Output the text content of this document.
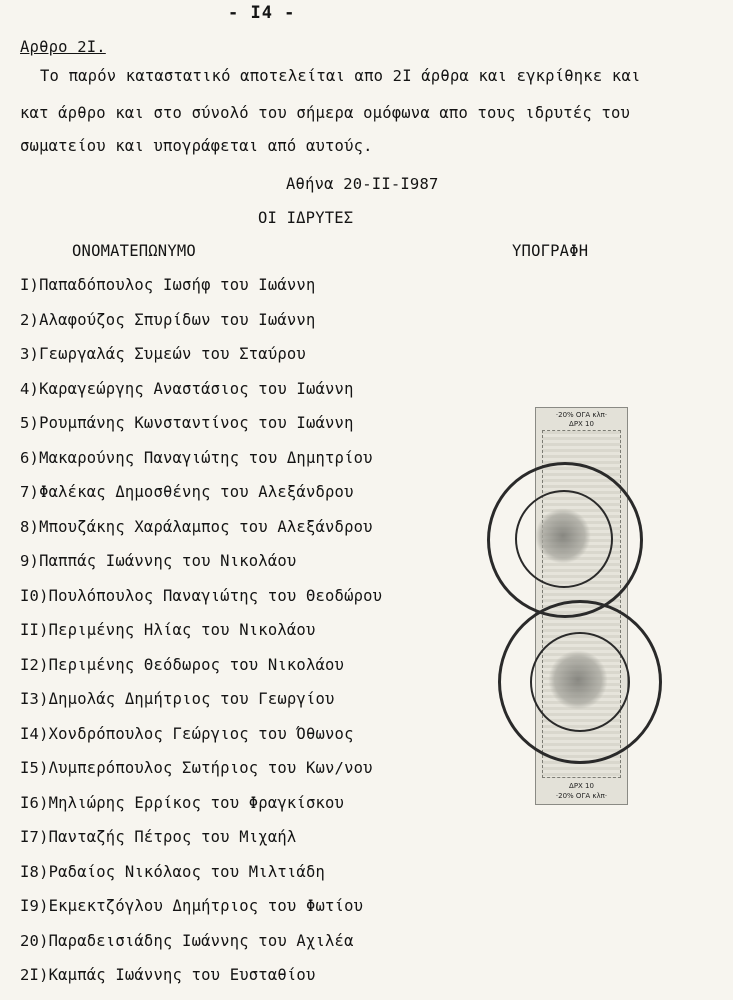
- I4 -
Αρθρο 2Ι.
Το παρόν καταστατικό αποτελείται απο 2Ι άρθρα και εγκρίθηκε και
κατ άρθρο και στο σύνολό του σήμερα ομόφωνα απο τους ιδρυτές του
σωματείου και υπογράφεται από αυτούς.
Αθήνα 20-ΙΙ-Ι987
ΟΙ ΙΔΡΥΤΕΣ
ΟΝΟΜΑΤΕΠΩΝΥΜΟ	ΥΠΟΓΡΑΦΗ
Ι)Παπαδόπουλος Ιωσήφ του Ιωάννη
2)Αλαφούζος Σπυρίδων του Ιωάννη
3)Γεωργαλάς Συμεών του Σταύρου
4)Καραγεώργης Αναστάσιος του Ιωάννη
5)Ρουμπάνης Κωνσταντίνος του Ιωάννη
6)Μακαρούνης Παναγιώτης του Δημητρίου
7)Φαλέκας Δημοσθένης του Αλεξάνδρου
8)Μπουζάκης Χαράλαμπος του Αλεξάνδρου
9)Παππάς Ιωάννης του Νικολάου
Ι0)Πουλόπουλος Παναγιώτης του Θεοδώρου
ΙΙ)Περιμένης Ηλίας του Νικολάου
Ι2)Περιμένης Θεόδωρος του Νικολάου
Ι3)Δημολάς Δημήτριος του Γεωργίου
Ι4)Χονδρόπουλος Γεώργιος του Όθωνος
Ι5)Λυμπερόπουλος Σωτήριος του Κων/νου
Ι6)Μηλιώρης Ερρίκος του Φραγκίσκου
Ι7)Πανταζής Πέτρος του Μιχαήλ
Ι8)Ραδαίος Νικόλαος του Μιλτιάδη
Ι9)Εκμεκτζόγλου Δημήτριος του Φωτίου
20)Παραδεισιάδης Ιωάννης του Αχιλέα
2Ι)Καμπάς Ιωάννης του Ευσταθίου
·20% ΟΓΑ κλπ·
ΔΡΧ 10
ΔΡΧ 10
·20% ΟΓΑ κλπ·
